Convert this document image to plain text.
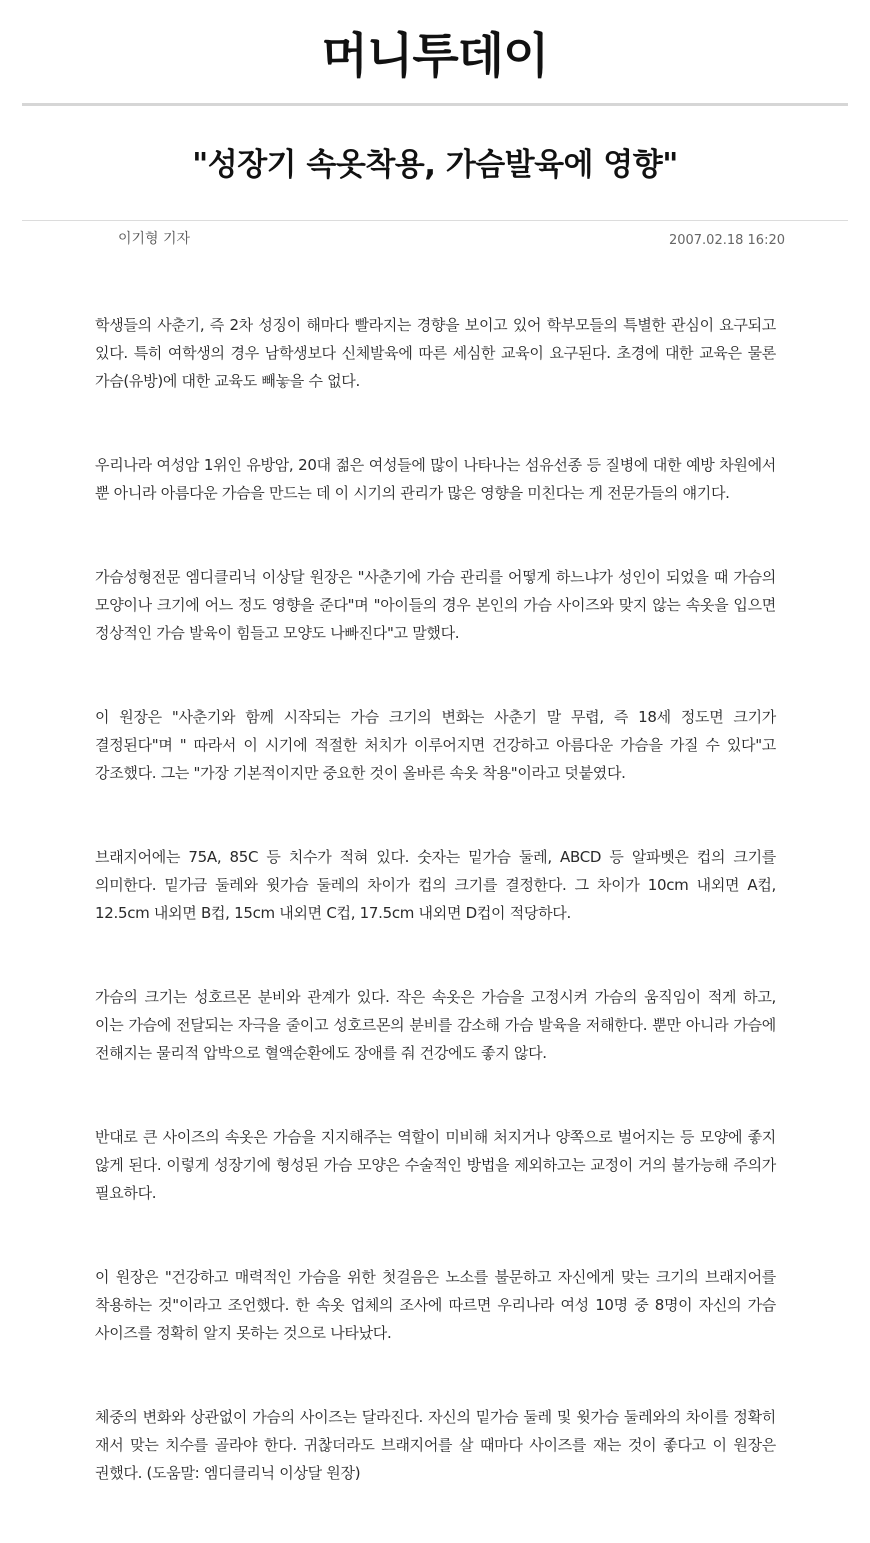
머니투데이
"성장기 속옷착용, 가슴발육에 영향"
이기형 기자	2007.02.18 16:20

학생들의 사춘기, 즉 2차 성징이 해마다 빨라지는 경향을 보이고 있어 학부모들의 특별한 관심이 요구되고 있다. 특히 여학생의 경우 남학생보다 신체발육에 따른 세심한 교육이 요구된다. 초경에 대한 교육은 물론 가슴(유방)에 대한 교육도 빼놓을 수 없다.

우리나라 여성암 1위인 유방암, 20대 젊은 여성들에 많이 나타나는 섬유선종 등 질병에 대한 예방 차원에서 뿐 아니라 아름다운 가슴을 만드는 데 이 시기의 관리가 많은 영향을 미친다는 게 전문가들의 얘기다.

가슴성형전문 엠디클리닉 이상달 원장은 "사춘기에 가슴 관리를 어떻게 하느냐가 성인이 되었을 때 가슴의 모양이나 크기에 어느 정도 영향을 준다"며 "아이들의 경우 본인의 가슴 사이즈와 맞지 않는 속옷을 입으면 정상적인 가슴 발육이 힘들고 모양도 나빠진다"고 말했다.

이 원장은 "사춘기와 함께 시작되는 가슴 크기의 변화는 사춘기 말 무렵, 즉 18세 정도면 크기가 결정된다"며 " 따라서 이 시기에 적절한 처치가 이루어지면 건강하고 아름다운 가슴을 가질 수 있다"고 강조했다. 그는 "가장 기본적이지만 중요한 것이 올바른 속옷 착용"이라고 덧붙였다.

브래지어에는 75A, 85C 등 치수가 적혀 있다. 숫자는 밑가슴 둘레, ABCD 등 알파벳은 컵의 크기를 의미한다. 밑가금 둘레와 윗가슴 둘레의 차이가 컵의 크기를 결정한다. 그 차이가 10cm 내외면 A컵, 12.5cm 내외면 B컵, 15cm 내외면 C컵, 17.5cm 내외면 D컵이 적당하다.

가슴의 크기는 성호르몬 분비와 관계가 있다. 작은 속옷은 가슴을 고정시켜 가슴의 움직임이 적게 하고, 이는 가슴에 전달되는 자극을 줄이고 성호르몬의 분비를 감소해 가슴 발육을 저해한다. 뿐만 아니라 가슴에 전해지는 물리적 압박으로 혈액순환에도 장애를 줘 건강에도 좋지 않다.

반대로 큰 사이즈의 속옷은 가슴을 지지해주는 역할이 미비해 처지거나 양쪽으로 벌어지는 등 모양에 좋지 않게 된다. 이렇게 성장기에 형성된 가슴 모양은 수술적인 방법을 제외하고는 교정이 거의 불가능해 주의가 필요하다.

이 원장은 "건강하고 매력적인 가슴을 위한 첫걸음은 노소를 불문하고 자신에게 맞는 크기의 브래지어를 착용하는 것"이라고 조언했다. 한 속옷 업체의 조사에 따르면 우리나라 여성 10명 중 8명이 자신의 가슴 사이즈를 정확히 알지 못하는 것으로 나타났다.

체중의 변화와 상관없이 가슴의 사이즈는 달라진다. 자신의 밑가슴 둘레 및 윗가슴 둘레와의 차이를 정확히 재서 맞는 치수를 골라야 한다. 귀찮더라도 브래지어를 살 때마다 사이즈를 재는 것이 좋다고 이 원장은 권했다. (도움말: 엠디클리닉 이상달 원장)
